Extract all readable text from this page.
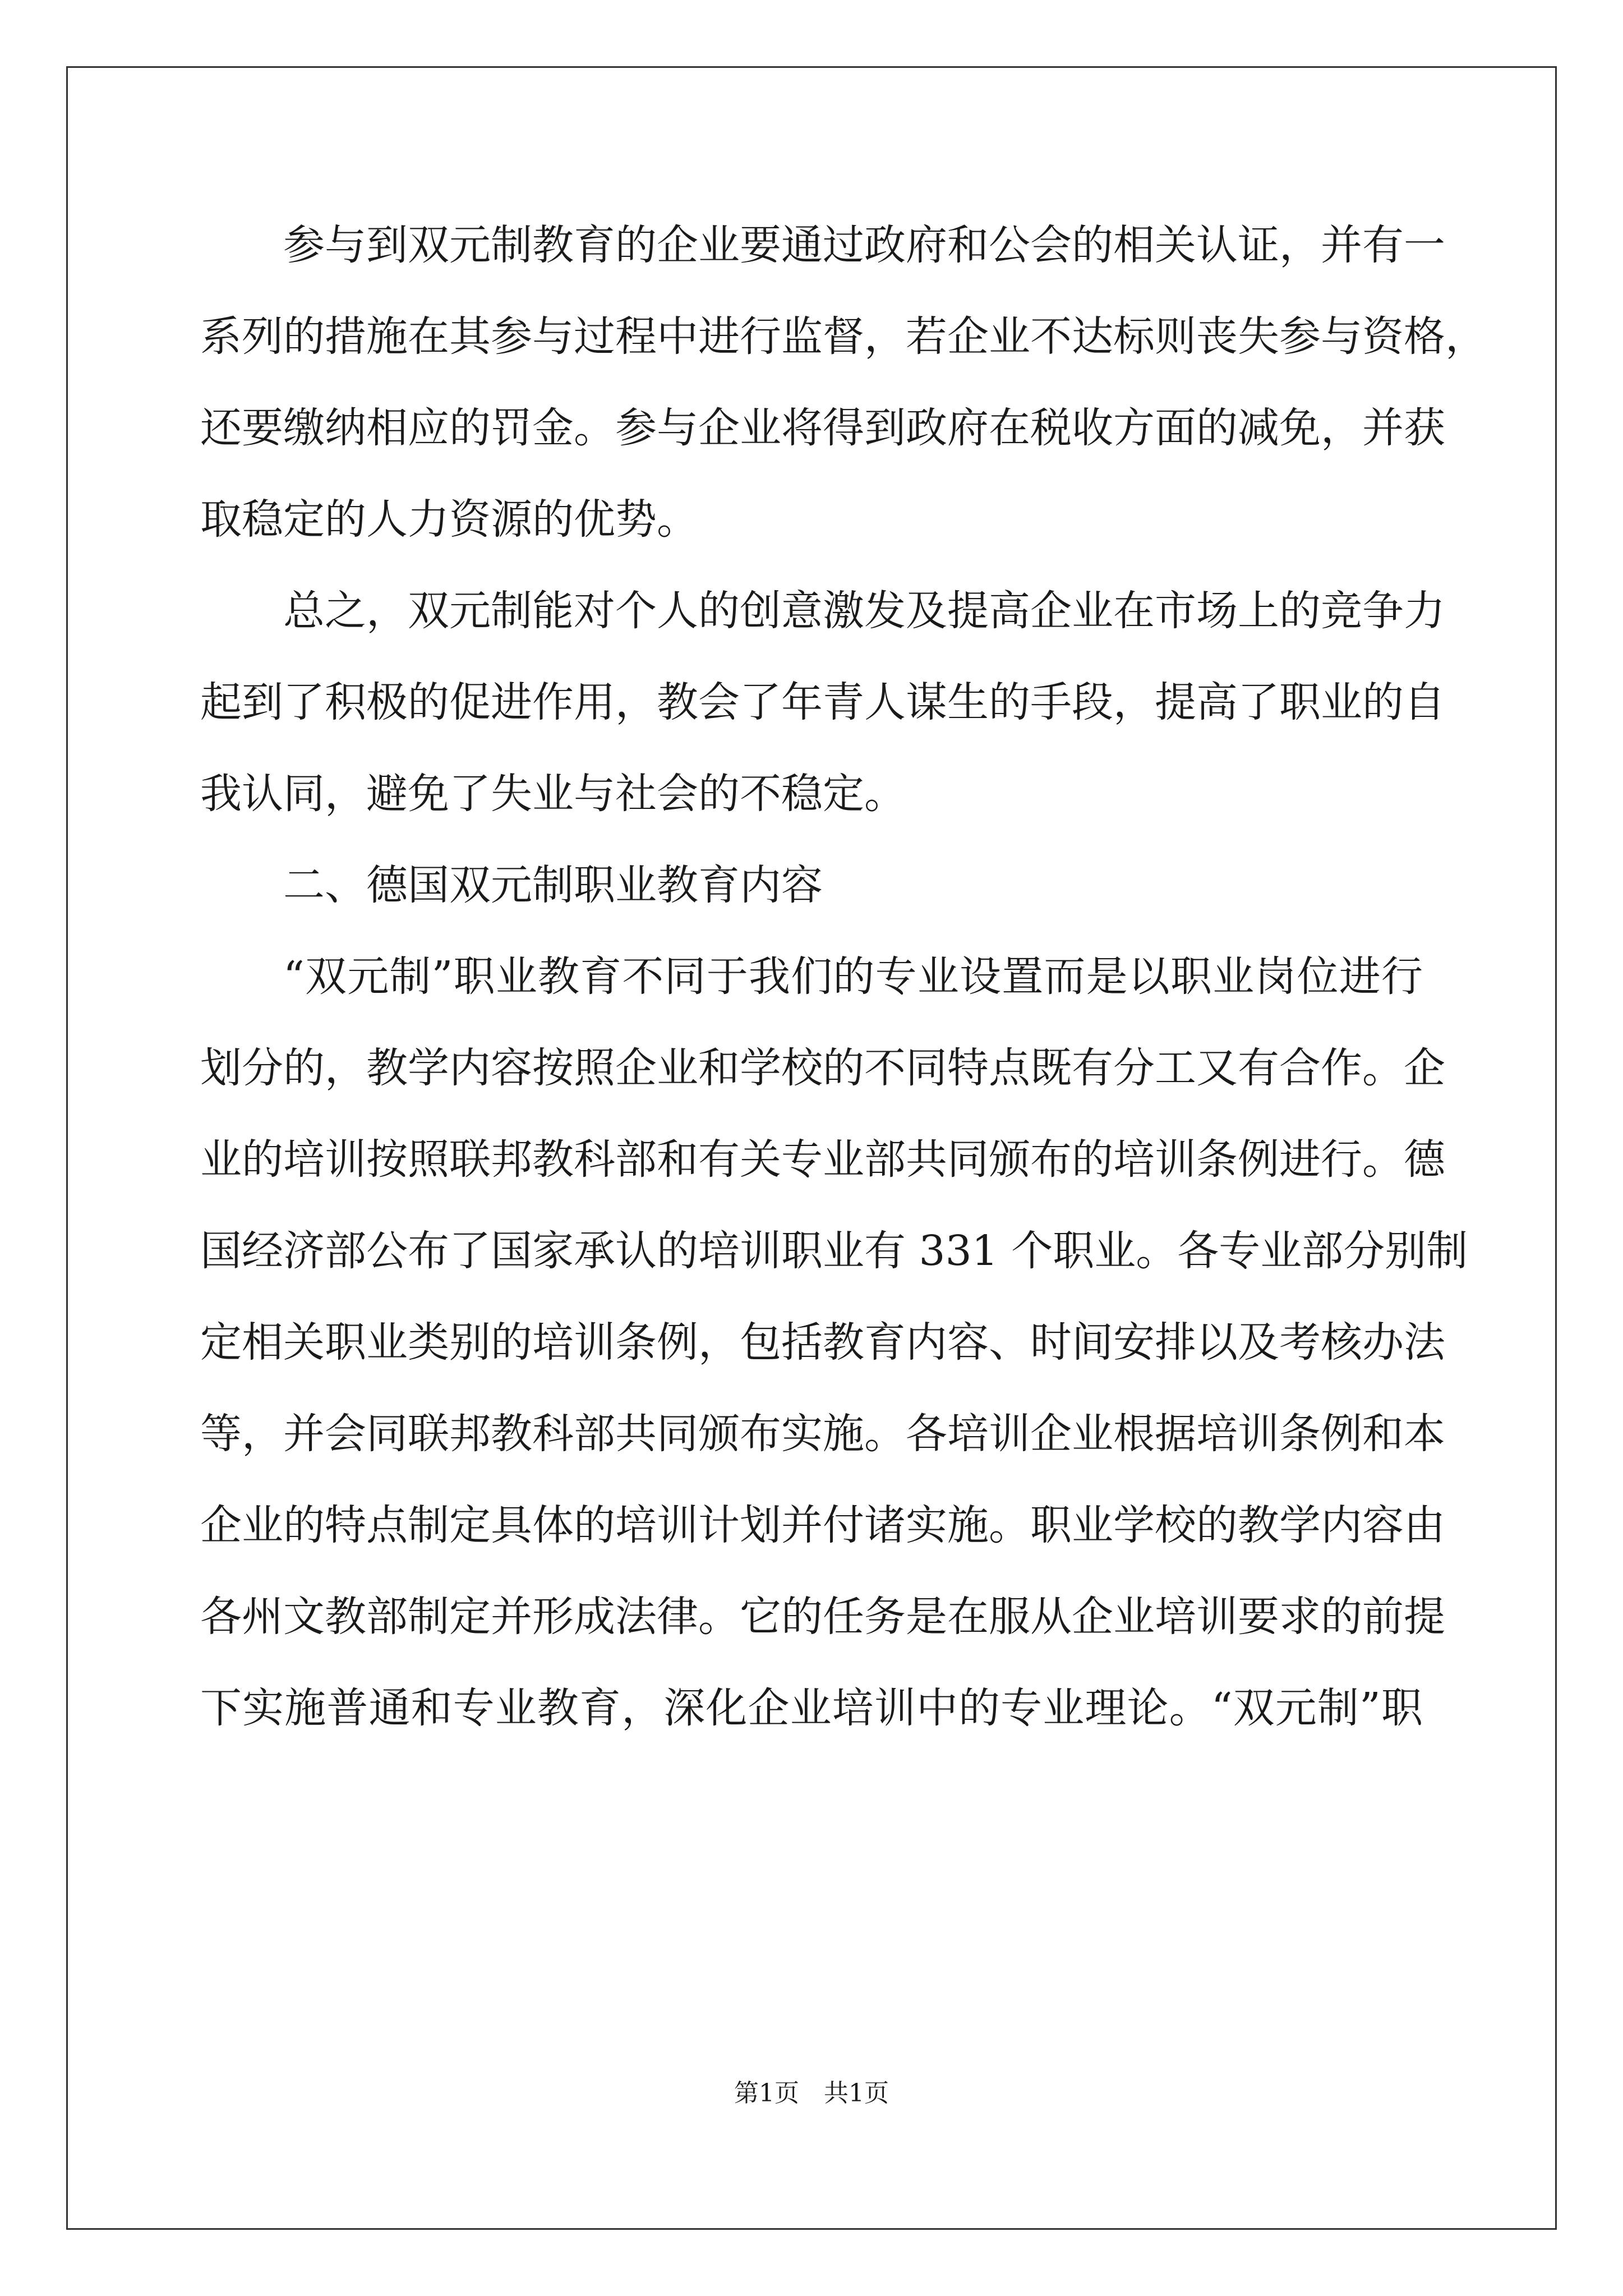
参与到双元制教育的企业要通过政府和公会的相关认证，并有一
系列的措施在其参与过程中进行监督，若企业不达标则丧失参与资格，
还要缴纳相应的罚金。参与企业将得到政府在税收方面的减免，并获
取稳定的人力资源的优势。
总之，双元制能对个人的创意激发及提高企业在市场上的竞争力
起到了积极的促进作用，教会了年青人谋生的手段，提高了职业的自
我认同，避免了失业与社会的不稳定。
二、德国双元制职业教育内容
“双元制”职业教育不同于我们的专业设置而是以职业岗位进行
划分的，教学内容按照企业和学校的不同特点既有分工又有合作。企
业的培训按照联邦教科部和有关专业部共同颁布的培训条例进行。德
国经济部公布了国家承认的培训职业有 331 个职业。各专业部分别制
定相关职业类别的培训条例，包括教育内容、时间安排以及考核办法
等，并会同联邦教科部共同颁布实施。各培训企业根据培训条例和本
企业的特点制定具体的培训计划并付诸实施。职业学校的教学内容由
各州文教部制定并形成法律。它的任务是在服从企业培训要求的前提
下实施普通和专业教育，深化企业培训中的专业理论。“双元制”职
第1页　共1页
